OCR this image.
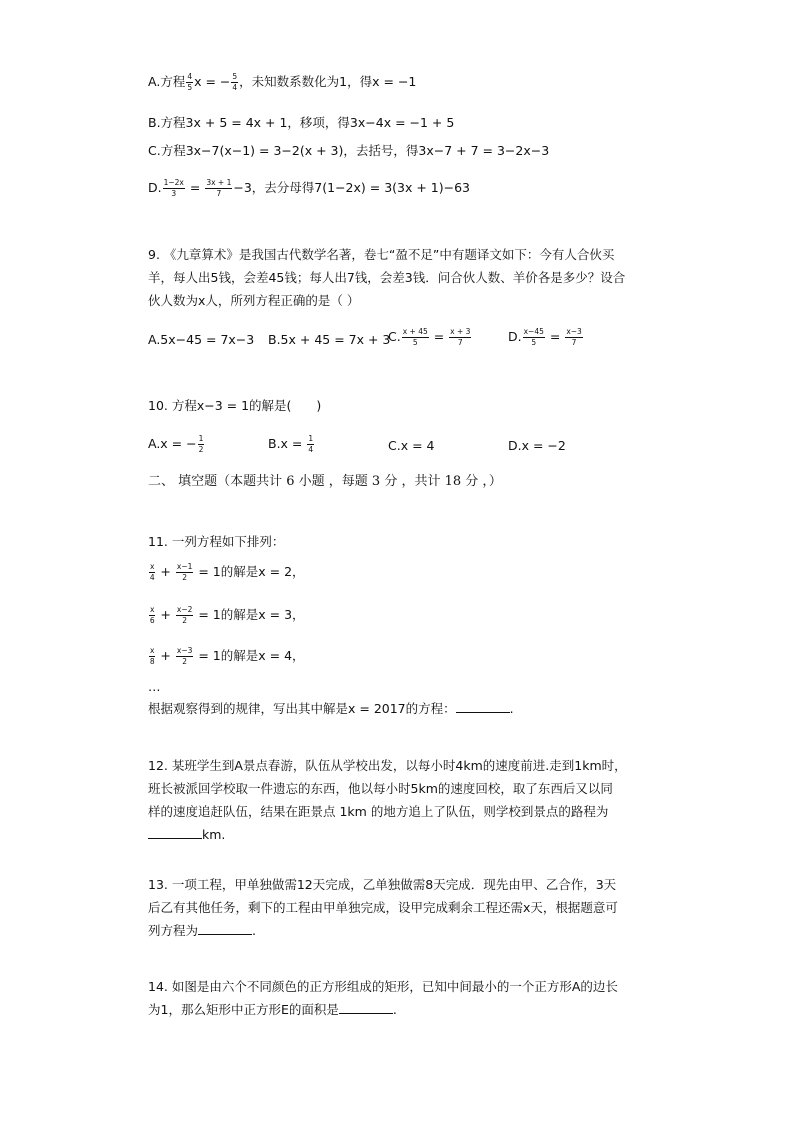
A.方程 $\frac{4}{5}$ x = − $\frac{5}{4}$ ，未知数系数化为1，得x = −1
B.方程3x + 5 = 4x + 1，移项，得3x−4x = −1 + 5
C.方程3x−7(x−1) = 3−2(x + 3)，去括号，得3x−7 + 7 = 3−2x−3
D. $\frac{1-2x}{3} = \frac{3x + 1}{7} -3$，去分母得7(1−2x) = 3(3x + 1)−63
9. 《九章算术》是我国古代数学名著，卷七“盈不足”中有题译文如下：今有人合伙买
羊，每人出5钱，会差45钱；每人出7钱，会差3钱．问合伙人数、羊价各是多少？设合
伙人数为x人，所列方程正确的是（ ）
A.5x−45 = 7x−3 B.5x + 45 = 7x + 3
C. $\frac{x + 45}{5} = \frac{x + 3}{7}$	D. $\frac{x-45}{5} = \frac{x-3}{7}$
10. 方程x−3 = 1的解是(　　)
A.x = − $\frac{1}{2}$	$B.x = \frac{1}{4}$	C.x = 4	D.x = −2
二、 填空题（本题共计 6 小题 ，每题 3 分 ，共计 18 分 ，）
11. 一列方程如下排列：
$\frac{x}{4} + \frac{x-1}{2} = 1$的解是x = 2，
$\frac{x}{6} + \frac{x-2}{2} = 1$的解是x = 3，
$\frac{x}{8} + \frac{x-3}{2} = 1$的解是x = 4，
…
根据观察得到的规律，写出其中解是x = 2017的方程：	.
12. 某班学生到A景点春游，队伍从学校出发，以每小时4km的速度前进.走到1km时，
班长被派回学校取一件遗忘的东西，他以每小时5km的速度回校，取了东西后又以同
样的速度追赶队伍，结果在距景点 1km 的地方追上了队伍，则学校到景点的路程为
km.
13. 一项工程，甲单独做需12天完成，乙单独做需8天完成．现先由甲、乙合作，3天
后乙有其他任务，剩下的工程由甲单独完成，设甲完成剩余工程还需x天，根据题意可
列方程为	.
14. 如图是由六个不同颜色的正方形组成的矩形，已知中间最小的一个正方形A的边长
为1，那么矩形中正方形E的面积是	.
